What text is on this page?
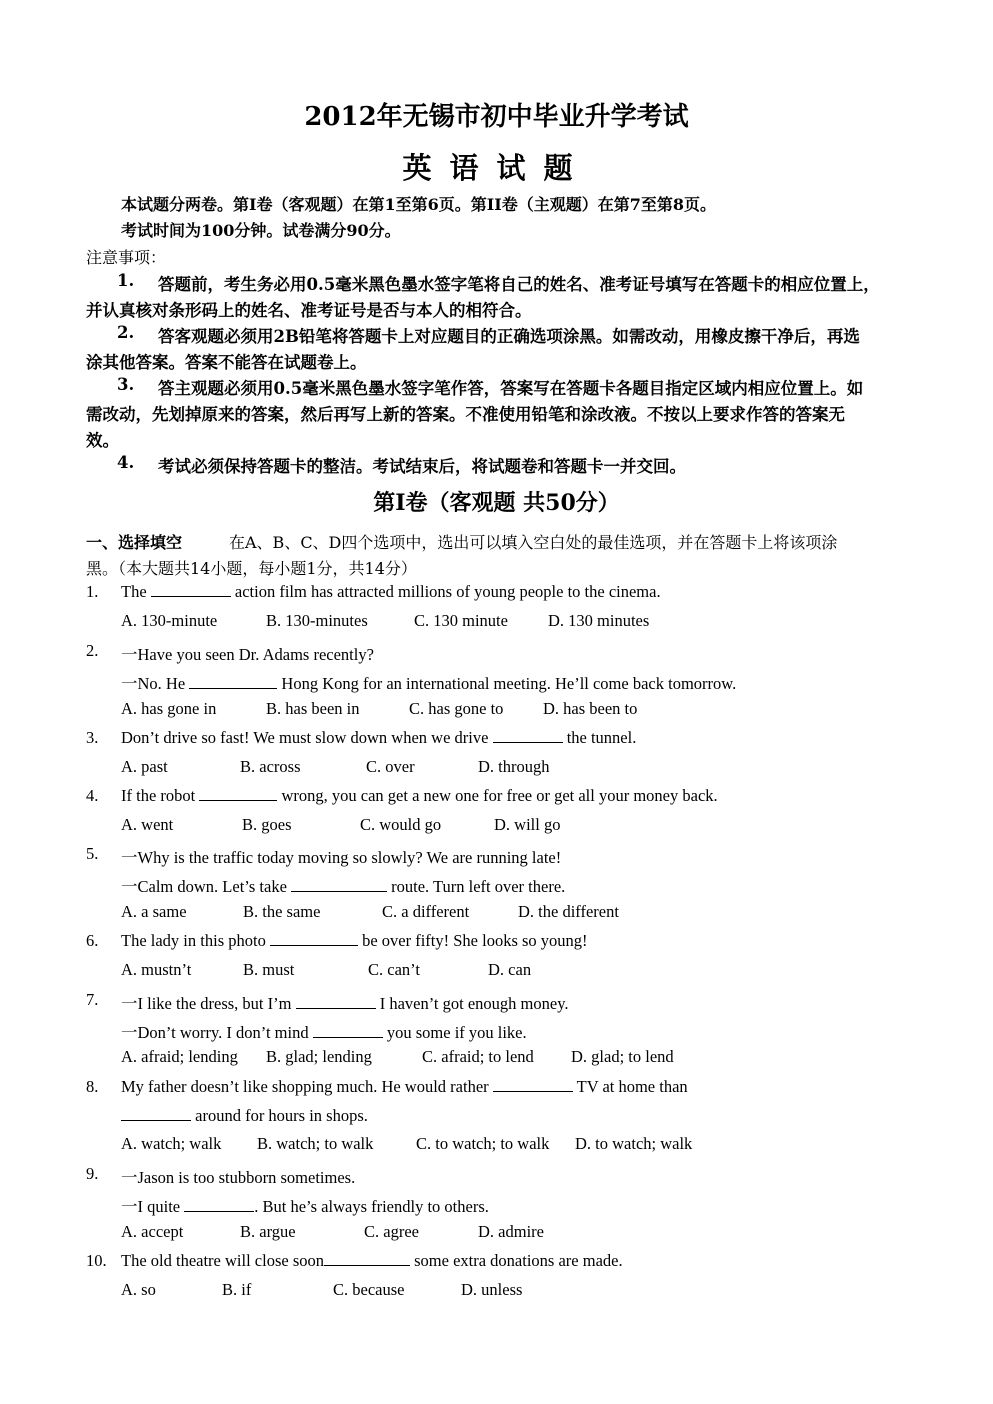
2012年无锡市初中毕业升学考试
英语试题
本试题分两卷。第I卷（客观题）在第1至第6页。第II卷（主观题）在第7至第8页。
考试时间为100分钟。试卷满分90分。
注意事项：
1. 答题前，考生务必用0.5毫米黑色墨水签字笔将自己的姓名、准考证号填写在答题卡的相应位置上，
并认真核对条形码上的姓名、准考证号是否与本人的相符合。
2. 答客观题必须用2B铅笔将答题卡上对应题目的正确选项涂黑。如需改动，用橡皮擦干净后，再选
涂其他答案。答案不能答在试题卷上。
3. 答主观题必须用0.5毫米黑色墨水签字笔作答，答案写在答题卡各题目指定区域内相应位置上。如
需改动，先划掉原来的答案，然后再写上新的答案。不准使用铅笔和涂改液。不按以上要求作答的答案无
效。
4. 考试必须保持答题卡的整洁。考试结束后，将试题卷和答题卡一并交回。
第I卷（客观题 共50分）
一、选择填空	在A、B、C、D四个选项中，选出可以填入空白处的最佳选项，并在答题卡上将该项涂
黑。（本大题共14小题，每小题1分，共14分）
1. The	action film has attracted millions of young people to the cinema.
A. 130-minute	B. 130-minutes	C. 130 minute D. 130 minutes
2. 一Have you seen Dr. Adams recently?
一No. He	Hong Kong for an international meeting. He’ll come back tomorrow.
A. has gone in	B. has been in	C. has gone to D. has been to
3. Don’t drive so fast! We must slow down when we drive	the tunnel.
A. past	B. across	C. over	D. through
4. If the robot	wrong, you can get a new one for free or get all your money back.
A. went	B. goes	C. would go	D. will go
5. 一Why is the traffic today moving so slowly? We are running late!
一Calm down. Let’s take	route. Turn left over there.
A. a same	B. the same	C. a different	D. the different
6. The lady in this photo	be over fifty! She looks so young!
A. mustn’t	B. must	C. can’t	D. can
7. 一I like the dress, but I’m	I haven’t got enough money.
一Don’t worry. I don’t mind	you some if you like.
A. afraid; lending B. glad; lending	C. afraid; to lend D. glad; to lend
8. My father doesn’t like shopping much. He would rather	TV at home than
around for hours in shops.
A. watch; walk B. watch; to walk	C. to watch; to walk D. to watch; walk
9. 一Jason is too stubborn sometimes.
一I quite	. But he’s always friendly to others.
A. accept	B. argue	C. agree	D. admire
10. The old theatre will close soon	some extra donations are made.
A. so	B. if	C. because	D. unless
